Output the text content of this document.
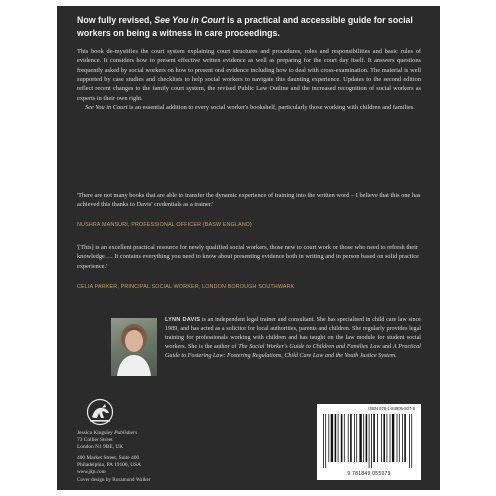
Now fully revised, See You in Court is a practical and accessible guide for social workers on being a witness in care proceedings.

This book de-mystifies the court system explaining court structures and procedures, roles and responsibilities and basic rules of evidence. It considers how to present effective written evidence as well as preparing for the court day itself. It answers questions frequently asked by social workers on how to present oral evidence including how to deal with cross-examination. The material is well supported by case studies and checklists to help social workers to navigate this daunting experience. Updates to the second edition reflect recent changes to the family court system, the revised Public Law Outline and the increased recognition of social workers as experts in their own right.

See You in Court is an essential addition to every social worker's bookshelf, particularly those working with children and families.

'There are not many books that are able to transfer the dynamic experience of training into the written word – I believe that this one has achieved this thanks to Davis' credentials as a trainer.'
NUSHRA MANSURI, PROFESSIONAL OFFICER (BASW ENGLAND)
'[This] is an excellent practical resource for newly qualified social workers, those new to court work or those who need to refresh their knowledge…. It contains everything you need to know about presenting evidence both in writing and in person based on solid practice experience.'
CELIA PARKER, PRINCIPAL SOCIAL WORKER, LONDON BOROUGH SOUTHWARK
LYNN DAVIS is an independent legal trainer and consultant. She has specialised in child care law since 1989, and has acted as a solicitor for local authorities, parents and children. She regularly provides legal training for professionals working with children and has taught on the law module for student social workers. She is the author of The Social Worker's Guide to Children and Families Law and A Practical Guide to Fostering Law: Fostering Regulations, Child Care Law and the Youth Justice System.
Jessica Kingsley Publishers
73 Collier Street
London N1 9BE, UK
400 Market Street, Suite 400
Philadelphia, PA 19106, USA
www.jkp.com
Cover design by Rosamund Walker
ISBN 978-1-84905-507-8
9 781849 055079
